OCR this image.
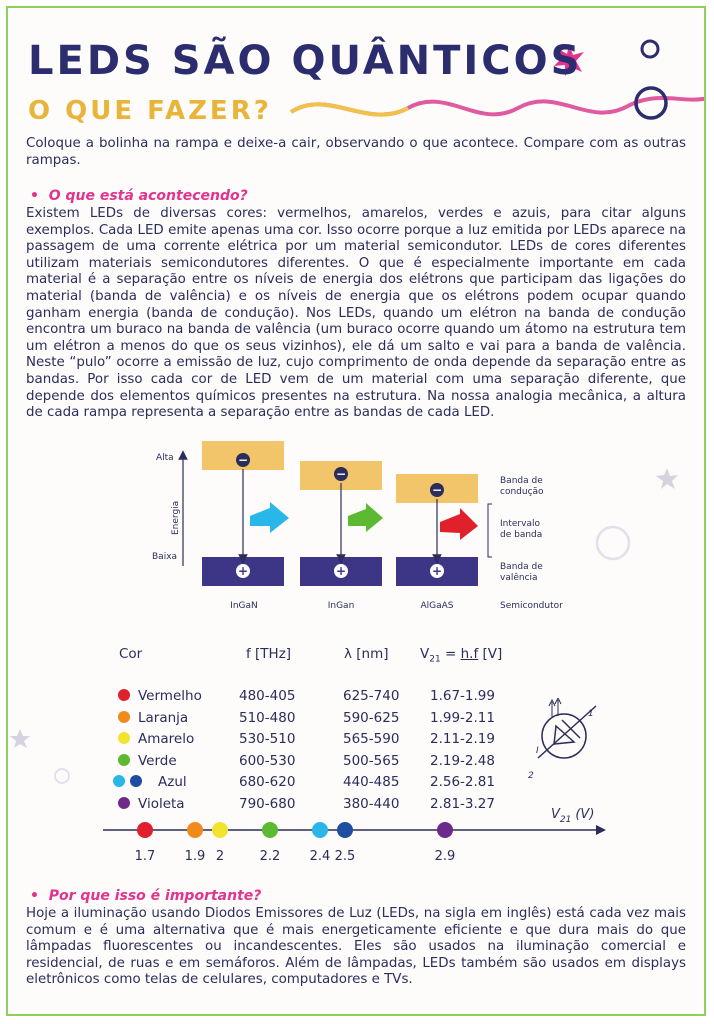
LEDS SÃO QUÂNTICOS
O QUE FAZER?
Coloque a bolinha na rampa e deixe-a cair, observando o que acontece. Compare com as outras rampas.
•  O que está acontecendo?
Existem LEDs de diversas cores: vermelhos, amarelos, verdes e azuis, para citar alguns exemplos. Cada LED emite apenas uma cor. Isso ocorre porque a luz emitida por LEDs aparece na passagem de uma corrente elétrica por um material semicondutor. LEDs de cores diferentes utilizam materiais semicondutores diferentes. O que é especialmente importante em cada material é a separação entre os níveis de energia dos elétrons que participam das ligações do material (banda de valência) e os níveis de energia que os elétrons podem ocupar quando ganham energia (banda de condução). Nos LEDs, quando um elétron na banda de condução encontra um buraco na banda de valência (um buraco ocorre quando um átomo na estrutura tem um elétron a menos do que os seus vizinhos), ele dá um salto e vai para a banda de valência. Neste “pulo” ocorre a emissão de luz, cujo comprimento de onda depende da separação entre as bandas. Por isso cada cor de LED vem de um material com uma separação diferente, que depende dos elementos químicos presentes na estrutura. Na nossa analogia mecânica, a altura de cada rampa representa a separação entre as bandas de cada LED.
Alta
Baixa
Energia
−
+
InGaN
−
+
InGan
−
+
AlGaAS
Banda de
condução
Intervalo
de banda
Banda de
valência
Semicondutor
Cor	f [THz]	λ [nm] $V_{21} = h.f$ [V]
Vermelho	480-405	625-740 1.67-1.99
Laranja	510-480	590-625 1.99-2.11
Amarelo	530-510	565-590 2.11-2.19
Verde	600-530	500-565 2.19-2.48
Azul	680-620	440-485 2.56-2.81
Violeta	790-680	380-440 2.81-3.27
1
2
I
$V_{21}$ (V)
1.7 1.9 2	2.2 2.4 2.5	2.9
•  Por que isso é importante?
Hoje a iluminação usando Diodos Emissores de Luz (LEDs, na sigla em inglês) está cada vez mais comum e é uma alternativa que é mais energeticamente eficiente e que dura mais do que lâmpadas fluorescentes ou incandescentes. Eles são usados na iluminação comercial e residencial, de ruas e em semáforos. Além de lâmpadas, LEDs também são usados em displays eletrônicos como telas de celulares, computadores e TVs.
